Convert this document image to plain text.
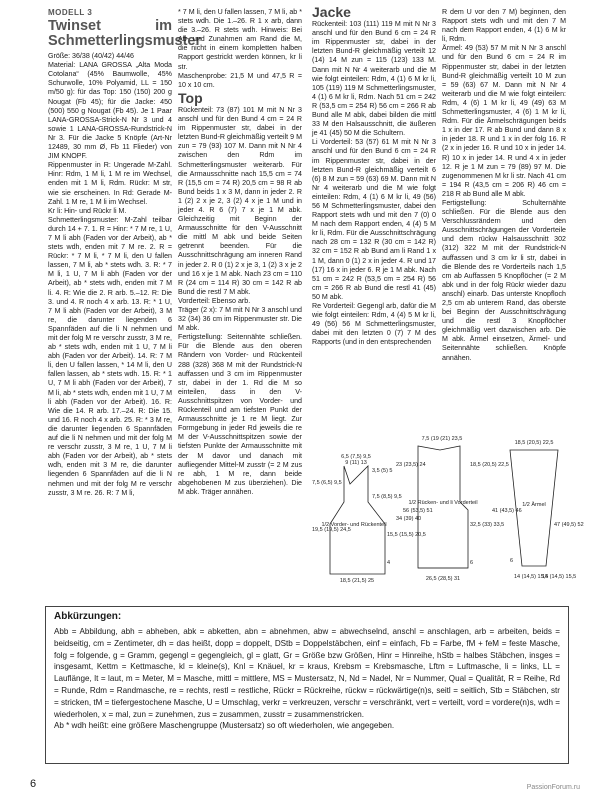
MODELL 3
Twinset im Schmetterlingsmuster

Größe: 36/38 (40/42) 44/46

Material: LANA GROSSA „Alta Moda Cotolana“ (45% Baumwolle, 45% Schurwolle, 10% Polyamid, LL = 150 m/50 g): für das Top: 150 (150) 200 g Nougat (Fb 45); für die Jacke: 450 (500) 550 g Nougat (Fb 45). Je 1 Paar LANA-GROSSA-Strick-N Nr 3 und 4 sowie 1 LANA-GROSSA-Rundstrick-N Nr 3. Für die Jacke 5 Knöpfe (Art-Nr 12489, 30 mm Ø, Fb 11 Flieder) von JIM KNOPF.

Rippenmuster in R: Ungerade M-Zahl. Hinr: Rdm, 1 M li, 1 M re im Wechsel, enden mit 1 M li, Rdm. Rückr: M str, wie sie erscheinen. In Rd: Gerade M-Zahl. 1 M re, 1 M li im Wechsel.

Kr li: Hin- und Rückr li M.

Schmetterlingsmuster: M-Zahl teilbar durch 14 + 7. 1. R = Hinr: * 7 M re, 1 U, 7 M li abh (Faden vor der Arbeit), ab * stets wdh, enden mit 7 M re. 2. R = Rückr: * 7 M li, * 7 M li, den U fallen lassen, 7 M li, ab * stets wdh. 3. R: * 7 M li, 1 U, 7 M li abh (Faden vor der Arbeit), ab * stets wdh, enden mit 7 M li. 4. R: Wie die 2. R arb. 5.–12. R: Die 3. und 4. R noch 4 x arb. 13. R: * 1 U, 7 M li abh (Faden vor der Arbeit), 3 M re, die darunter liegenden 6 Spannfäden auf die li N nehmen und mit der folg M re verschr zusstr, 3 M re, ab * stets wdh, enden mit 1 U, 7 M li abh (Faden vor der Arbeit). 14. R: 7 M li, den U fallen lassen, * 14 M li, den U fallen lassen, ab * stets wdh. 15. R: * 1 U, 7 M li abh (Faden vor der Arbeit), 7 M li, ab * stets wdh, enden mit 1 U, 7 M li abh (Faden vor der Arbeit). 16. R: Wie die 14. R arb. 17.–24. R: Die 15. und 16. R noch 4 x arb. 25. R: * 3 M re, die darunter liegenden 6 Spannfäden auf die li N nehmen und mit der folg M re verschr zusstr, 3 M re, 1 U, 7 M li abh (Faden vor der Arbeit), ab * stets wdh, enden mit 3 M re, die darunter liegenden 6 Spannfäden auf die li N nehmen und mit der folg M re verschr zusstr, 3 M re. 26. R: 7 M li,

* 7 M li, den U fallen lassen, 7 M li, ab * stets wdh. Die 1.–26. R 1 x arb, dann die 3.–26. R stets wdh. Hinweis: Bei Ab- und Zunahmen am Rand die M, die nicht in einem kompletten halben Rapport gestrickt werden können, kr li str.

Maschenprobe: 21,5 M und 47,5 R = 10 x 10 cm.

Top

Rückenteil: 73 (87) 101 M mit N Nr 3 anschl und für den Bund 4 cm = 24 R im Rippenmuster str, dabei in der letzten Bund-R gleichmäßig verteilt 9 M zun = 79 (93) 107 M. Dann mit N Nr 4 zwischen den Rdm im Schmetterlingsmuster weiterarb. Für die Armausschnitte nach 15,5 cm = 74 R (15,5 cm = 74 R) 20,5 cm = 98 R ab Bund beids 1 x 3 M, dann in jeder 2. R 1 (2) 2 x je 2, 3 (2) 4 x je 1 M und in jeder 4. R 6 (7) 7 x je 1 M abk. Gleichzeitig mit Beginn der Armausschnitte für den V-Ausschnitt die mittl M abk und beide Seiten getrennt beenden. Für die Ausschnittschrägung am inneren Rand in jeder 2. R 0 (1) 2 x je 3, 1 (2) 3 x je 2 und 16 x je 1 M abk. Nach 23 cm = 110 R (24 cm = 114 R) 30 cm = 142 R ab Bund die restl 7 M abk.

Vorderteil: Ebenso arb.

Träger (2 x): 7 M mit N Nr 3 anschl und 32 (34) 36 cm im Rippenmuster str. Die M abk.

Fertigstellung: Seitennähte schließen. Für die Blende aus den oberen Rändern von Vorder- und Rückenteil 288 (328) 368 M mit der Rundstrick-N auffassen und 3 cm im Rippenmuster str, dabei in der 1. Rd die M so einteilen, dass in den V-Ausschnittspitzen von Vorder- und Rückenteil und am tiefsten Punkt der Armausschnitte je 1 re M liegt. Zur Formgebung in jeder Rd jeweils die re M der V-Ausschnittspitzen sowie der tiefsten Punkte der Armausschnitte mit der M davor und danach mit aufliegender Mittel-M zusstr (= 2 M zus re abh, 1 M re, dann beide abgehobenen M zus überziehen). Die M abk. Träger annähen.

Jacke

Rückenteil: 103 (111) 119 M mit N Nr 3 anschl und für den Bund 6 cm = 24 R im Rippenmuster str, dabei in der letzten Bund-R gleichmäßig verteilt 12 (14) 14 M zun = 115 (123) 133 M. Dann mit N Nr 4 weiterarb und die M wie folgt einteilen: Rdm, 4 (1) 6 M kr li, 105 (119) 119 M Schmetterlingsmuster, 4 (1) 6 M kr li, Rdm. Nach 51 cm = 242 R (53,5 cm = 254 R) 56 cm = 266 R ab Bund alle M abk, dabei bilden die mittl 33 M den Halsausschnitt, die äußeren je 41 (45) 50 M die Schultern.

Li Vorderteil: 53 (57) 61 M mit N Nr 3 anschl und für den Bund 6 cm = 24 R im Rippenmuster str, dabei in der letzten Bund-R gleichmäßig verteilt 6 (6) 8 M zun = 59 (63) 69 M. Dann mit N Nr 4 weiterarb und die M wie folgt einteilen: Rdm, 4 (1) 6 M kr li, 49 (56) 56 M Schmetterlingsmuster, dabei den Rapport stets wdh und mit den 7 (0) 0 M nach dem Rapport enden, 4 (4) 5 M kr li, Rdm. Für die Ausschnittschrägung nach 28 cm = 132 R (30 cm = 142 R) 32 cm = 152 R ab Bund am li Rand 1 x 1 M, dann 0 (1) 2 x in jeder 4. R und 17 (17) 16 x in jeder 6. R je 1 M abk. Nach 51 cm = 242 R (53,5 cm = 254 R) 56 cm = 266 R ab Bund die restl 41 (45) 50 M abk.

Re Vorderteil: Gegengl arb, dafür die M wie folgt einteilen: Rdm, 4 (4) 5 M kr li, 49 (56) 56 M Schmetterlingsmuster, dabei mit den letzten 0 (7) 7 M des Rapports (und in den entsprechenden

R dem U vor den 7 M) beginnen, den Rapport stets wdh und mit den 7 M nach dem Rapport enden, 4 (1) 6 M kr li, Rdm.

Ärmel: 49 (53) 57 M mit N Nr 3 anschl und für den Bund 6 cm = 24 R im Rippenmuster str, dabei in der letzten Bund-R gleichmäßig verteilt 10 M zun = 59 (63) 67 M. Dann mit N Nr 4 weiterarb und die M wie folgt einteilen: Rdm, 4 (6) 1 M kr li, 49 (49) 63 M Schmetterlingsmuster, 4 (6) 1 M kr li, Rdm. Für die Ärmelschrägungen beids 1 x in der 17. R ab Bund und dann 8 x in jeder 18. R und 1 x in der folg 16. R (2 x in jeder 16. R und 10 x in jeder 14. R) 10 x in jeder 14. R und 4 x in jeder 12. R je 1 M zun = 79 (89) 97 M. Die zugenommenen M kr li str. Nach 41 cm = 194 R (43,5 cm = 206 R) 46 cm = 218 R ab Bund alle M abk.

Fertigstellung: Schulternähte schließen. Für die Blende aus den Verschlussrändern und den Ausschnittschrägungen der Vorderteile und dem rückw Halsausschnitt 302 (312) 322 M mit der Rundstrick-N auffassen und 3 cm kr li str, dabei in die Blende des re Vorderteils nach 1,5 cm ab Auffassen 5 Knopflöcher (= 2 M abk und in der folg Rückr wieder dazu anschl) einarb. Das unterste Knopfloch 2,5 cm ab unterem Rand, das oberste bei Beginn der Ausschnittschrägung und die restl 3 Knopflöcher gleichmäßig vert dazwischen arb. Die M abk. Ärmel einsetzen, Ärmel- und Seitennähte schließen. Knöpfe annähen.

1/2 Vorder- und Rückenteil
6,5 (7,5) 9,5
9 (11) 13
3,5 (5) 5
7,5 (6,5) 9,5
7,5 (8,5) 9,5
19,5 (19,5) 24,5
15,5 (15,5) 20,5
34 (39) 40
4
18,5 (21,5) 25
7,5 (19 (21) 23,5
23 (23,5) 24	18,5 (20,5) 22,5
32,5 (33) 33,5
56 (53,5) 51
1/2 Rücken- und li Vorderteil
6
26,5 (28,5) 31
18,5 (20,5) 22,5
1/2 Ärmel
41 (43,5) 46
47 (49,5) 52
6
14 (14,5) 15,5
14 (14,5) 15,5
Abkürzungen:

Abb = Abbildung, abh = abheben, abk = abketten, abn = abnehmen, abw = abwechselnd, anschl = anschlagen, arb = arbeiten, beids = beidseitig, cm = Zentimeter, dh = das heißt, dopp = doppelt, DStb = Doppelstäbchen, einf = einfach, Fb = Farbe, fM + feM = feste Masche, folg = folgende, g = Gramm, gegengl = gegengleich, gl = glatt, Gr = Größe bzw Größen, Hinr = Hinreihe, hStb = halbes Stäbchen, insges = insgesamt, Kettm = Kettmasche, kl = kleine(s), Knl = Knäuel, kr = kraus, Krebsm = Krebsmasche, Lftm = Luftmasche, li = links, LL = Lauflänge, lt = laut, m = Meter, M = Masche, mittl = mittlere, MS = Mustersatz, N, Nd = Nadel, Nr = Nummer, Qual = Qualität, R = Reihe, Rd = Runde, Rdm = Randmasche, re = rechts, restl = restliche, Rückr = Rückreihe, rückw = rückwärtige(n)s, seitl = seitlich, Stb = Stäbchen, str = stricken, tM = tiefergestochene Masche, U = Umschlag, verkr = verkreuzen, verschr = verschränkt, vert = verteilt, vord = vordere(n)s, wdh = wiederholen, x = mal, zun = zunehmen, zus = zusammen, zusstr = zusammenstricken.

Ab * wdh heißt: eine größere Maschengruppe (Mustersatz) so oft wiederholen, wie angegeben.

6	PassionForum.ru
